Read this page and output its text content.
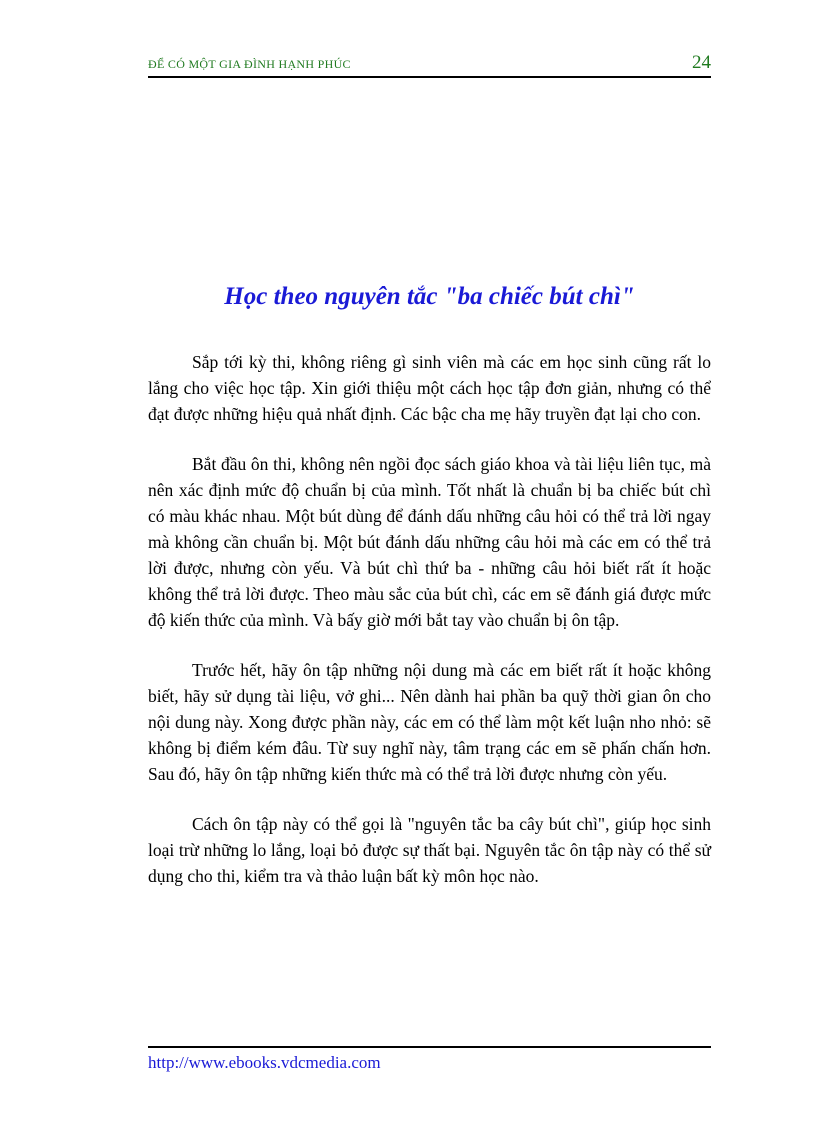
ĐỂ CÓ MỘT GIA ĐÌNH HẠNH PHÚC	24
Học theo nguyên tắc "ba chiếc bút chì"

Sắp tới kỳ thi, không riêng gì sinh viên mà các em học sinh cũng rất lo lắng cho việc học tập. Xin giới thiệu một cách học tập đơn giản, nhưng có thể đạt được những hiệu quả nhất định. Các bậc cha mẹ hãy truyền đạt lại cho con.

Bắt đầu ôn thi, không nên ngồi đọc sách giáo khoa và tài liệu liên tục, mà nên xác định mức độ chuẩn bị của mình. Tốt nhất là chuẩn bị ba chiếc bút chì có màu khác nhau. Một bút dùng để đánh dấu những câu hỏi có thể trả lời ngay mà không cần chuẩn bị. Một bút đánh dấu những câu hỏi mà các em có thể trả lời được, nhưng còn yếu. Và bút chì thứ ba - những câu hỏi biết rất ít hoặc không thể trả lời được. Theo màu sắc của bút chì, các em sẽ đánh giá được mức độ kiến thức của mình. Và bấy giờ mới bắt tay vào chuẩn bị ôn tập.

Trước hết, hãy ôn tập những nội dung mà các em biết rất ít hoặc không biết, hãy sử dụng tài liệu, vở ghi... Nên dành hai phần ba quỹ thời gian ôn cho nội dung này. Xong được phần này, các em có thể làm một kết luận nho nhỏ: sẽ không bị điểm kém đâu. Từ suy nghĩ này, tâm trạng các em sẽ phấn chấn hơn. Sau đó, hãy ôn tập những kiến thức mà có thể trả lời được nhưng còn yếu.

Cách ôn tập này có thể gọi là "nguyên tắc ba cây bút chì", giúp học sinh loại trừ những lo lắng, loại bỏ được sự thất bại. Nguyên tắc ôn tập này có thể sử dụng cho thi, kiểm tra và thảo luận bất kỳ môn học nào.

http://www.ebooks.vdcmedia.com
